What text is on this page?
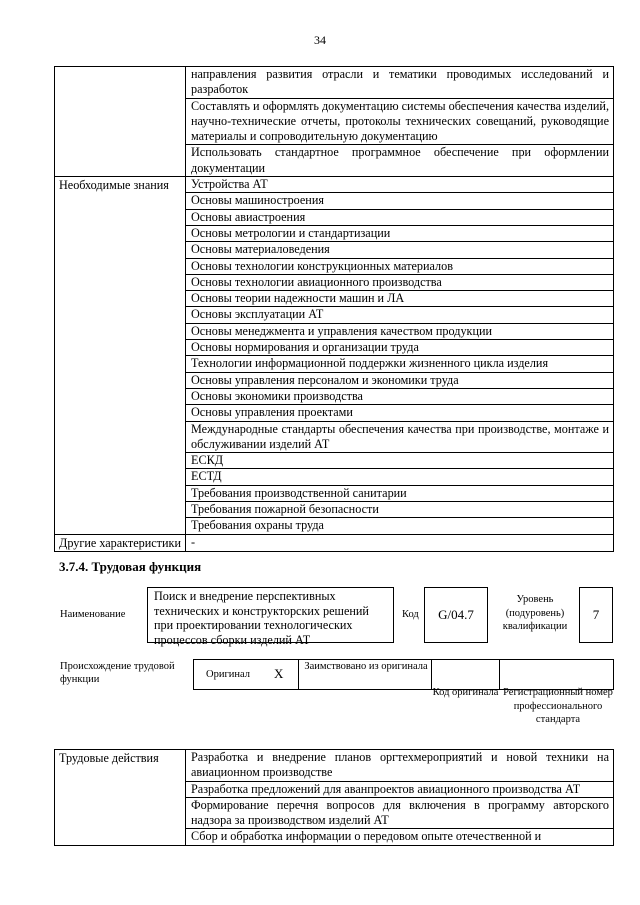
34
	направления развития отрасли и тематики проводимых исследований и разработок
	Составлять и оформлять документацию системы обеспечения качества изделий, научно-технические отчеты, протоколы технических совещаний, руководящие материалы и сопроводительную документацию
	Использовать стандартное программное обеспечение при оформлении документации
Необходимые знания	Устройства АТ
	Основы машиностроения
	Основы авиастроения
	Основы метрологии и стандартизации
	Основы материаловедения
	Основы технологии конструкционных материалов
	Основы технологии авиационного производства
	Основы теории надежности машин и ЛА
	Основы эксплуатации АТ
	Основы менеджмента и управления качеством продукции
	Основы нормирования и организации труда
	Технологии информационной поддержки жизненного цикла изделия
	Основы управления персоналом и экономики труда
	Основы экономики производства
	Основы управления проектами
	Международные стандарты обеспечения качества при производстве, монтаже и обслуживании изделий АТ
	ЕСКД
	ЕСТД
	Требования производственной санитарии
	Требования пожарной безопасности
	Требования охраны труда
Другие характеристики	-
3.7.4. Трудовая функция
Наименование
Поиск и внедрение перспективных технических и конструкторских решений при проектировании технологических процессов сборки изделий АТ
Код	G/04.7
Уровень (подуровень) квалификации
7
Происхождение трудовой функции	Оригинал X	Заимствовано из оригинала
Код оригинала Регистрационный номер профессионального стандарта
Трудовые действия	Разработка и внедрение планов оргтехмероприятий и новой техники на авиационном производстве
Разработка предложений для аванпроектов авиационного производства АТ
Формирование перечня вопросов для включения в программу авторского надзора за производством изделий АТ
Сбор и обработка информации о передовом опыте отечественной и
